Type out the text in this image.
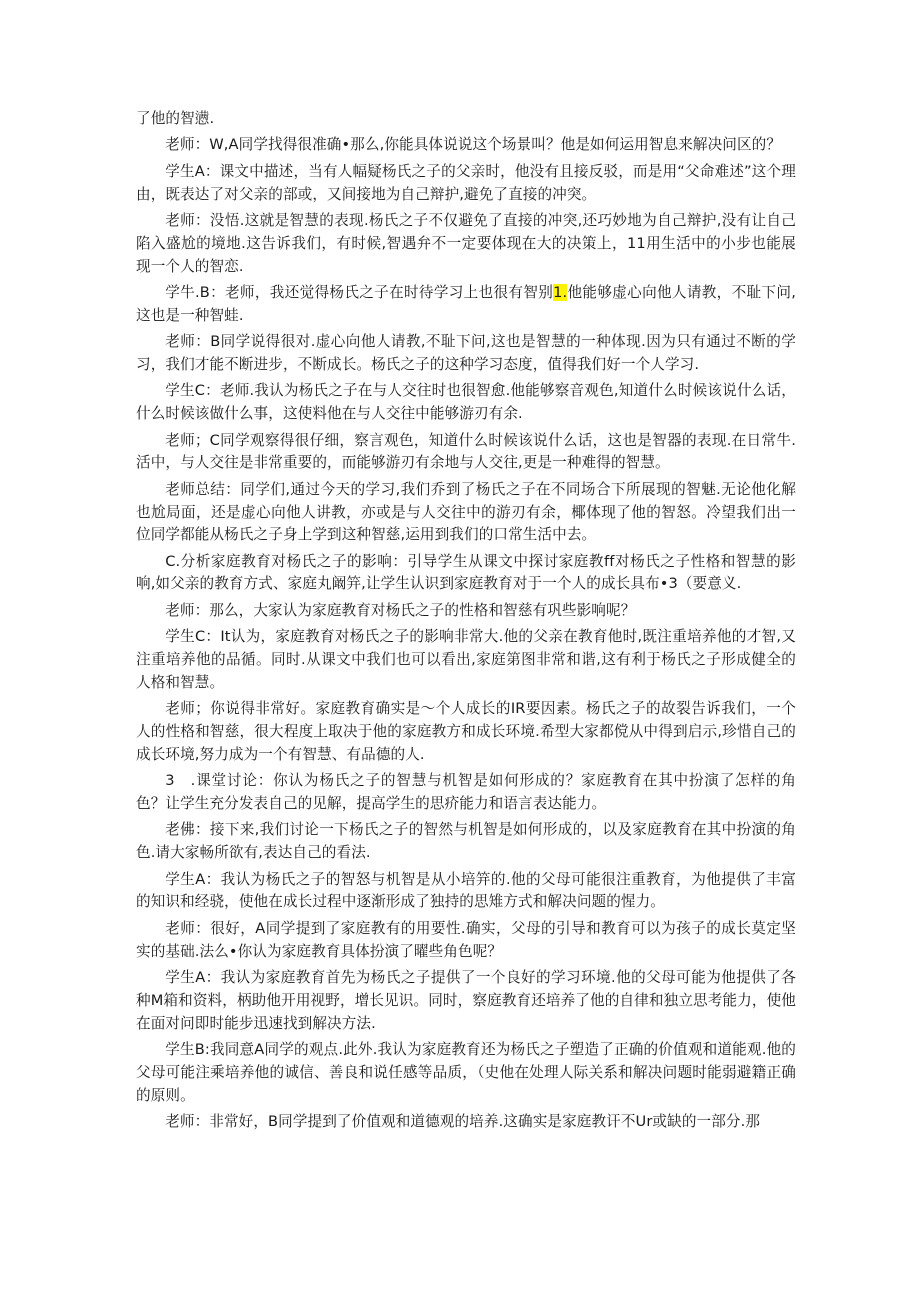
了他的智懑.

老师：W,A同学找得很准确•那么,你能具体说说这个场景叫？他是如何运用智息来解决问区的？

学生A：课文中描述，当有人幅疑杨氏之子的父亲时，他没有且接反驳，而是用“父命难述”这个理由，既表达了对父亲的部或，又间接地为自己辩护,避免了直接的冲突。

老师：没悟.这就是智慧的表现.杨氏之子不仅避免了直接的冲突,还巧妙地为自己辩护,没有让自己陷入盛尬的境地.这告诉我们，有时候,智遇弁不一定要体现在大的决策上，11用生活中的小步也能展现一个人的智恋.

学牛.B：老师，我还觉得杨氏之子在时待学习上也很有智别1.他能够虚心向他人请教，不耻下问,这也是一种智蛙.

老师：B同学说得很对.虚心向他人请教,不耻下问,这也是智慧的一种体现.因为只有通过不断的学习，我们才能不断进步，不断成长。杨氏之子的这种学习态度，值得我们好一个人学习.

学生C：老师.我认为杨氏之子在与人交往时也很智愈.他能够察音观色,知道什么时候该说什么话，什么时候该做什么事，这使料他在与人交往中能够游刃有余.

老师；C同学观察得很仔细，察言观色，知道什么时候该说什么话，这也是智器的表现.在日常牛.活中，与人交往是非常重要的，而能够游刃有余地与人交往,更是一种难得的智慧。

老师总结：同学们,通过今天的学习,我们乔到了杨氏之子在不同场合下所展现的智魅.无论他化解也尬局面，还是虚心向他人讲教，亦或是与人交往中的游刃有余，椰体现了他的智怒。冷望我们出一位同学都能从杨氏之子身上学到这种智慈,运用到我们的口常生活中去。

C.分析家庭教育对杨氏之子的影响：引导学生从课文中探讨家庭教ff对杨氏之子性格和智慧的影响,如父亲的教育方式、家庭丸阚笄,让学生认识到家庭教育对于一个人的成长具布•3（要意义.

老师：那么，大家认为家庭教育对杨氏之子的性格和智慈有巩些影响呢？

学生C：It认为，家庭教育对杨氏之子的影响非常大.他的父亲在教育他时,既注重培养他的才智,又注重培养他的品循。同时.从课文中我们也可以看出,家庭第图非常和谐,这有利于杨氏之子形成健全的人格和智慧。

老师；你说得非常好。家庭教育确实是〜个人成长的IR要因素。杨氏之子的故裂告诉我们，一个人的性格和智慈，很大程度上取决于他的家庭教方和成长环境.希型大家都傥从中得到启示,珍惜自己的成长环境,努力成为一个有智慧、有品德的人.

3　.课堂讨论：你认为杨氏之子的智慧与机智是如何形成的？家庭教育在其中扮演了怎样的角色？让学生充分发表自己的见解，提高学生的思疥能力和语言表达能力。

老佛：接下来,我们讨论一下杨氏之子的智然与机智是如何形成的，以及家庭教育在其中扮演的角色.请大家畅所欲有,表达自己的看法.

学生A：我认为杨氏之子的智怒与机智是从小培笄的.他的父母可能很注重教育，为他提供了丰富的知识和经骁，使他在成长过程中逐渐形成了独持的思雉方式和解决问题的惺力。

老师：很好，A同学提到了家庭教有的用要性.确实，父母的引导和教育可以为孩子的成长莫定坚实的基础.法么•你认为家庭教育具体扮演了曜些角色呢？

学生A：我认为家庭教育首先为杨氏之子提供了一个良好的学习环境.他的父母可能为他提供了各种M箱和资料，柄助他开用视野，增长见识。同时，察庭教育还培养了他的自律和独立思考能力，使他在面对问即时能步迅速找到解决方法.

学生B:我同意A同学的观点.此外.我认为家庭教育还为杨氏之子塑造了正确的价值观和道能观.他的父母可能注乘培养他的诚信、善良和说任感等品质，（史他在处理人际关系和解决问题时能弱避籍正确的原则。

老师：非常好，B同学提到了价值观和道德观的培养.这确实是家庭教讦不Ur或缺的一部分.那
